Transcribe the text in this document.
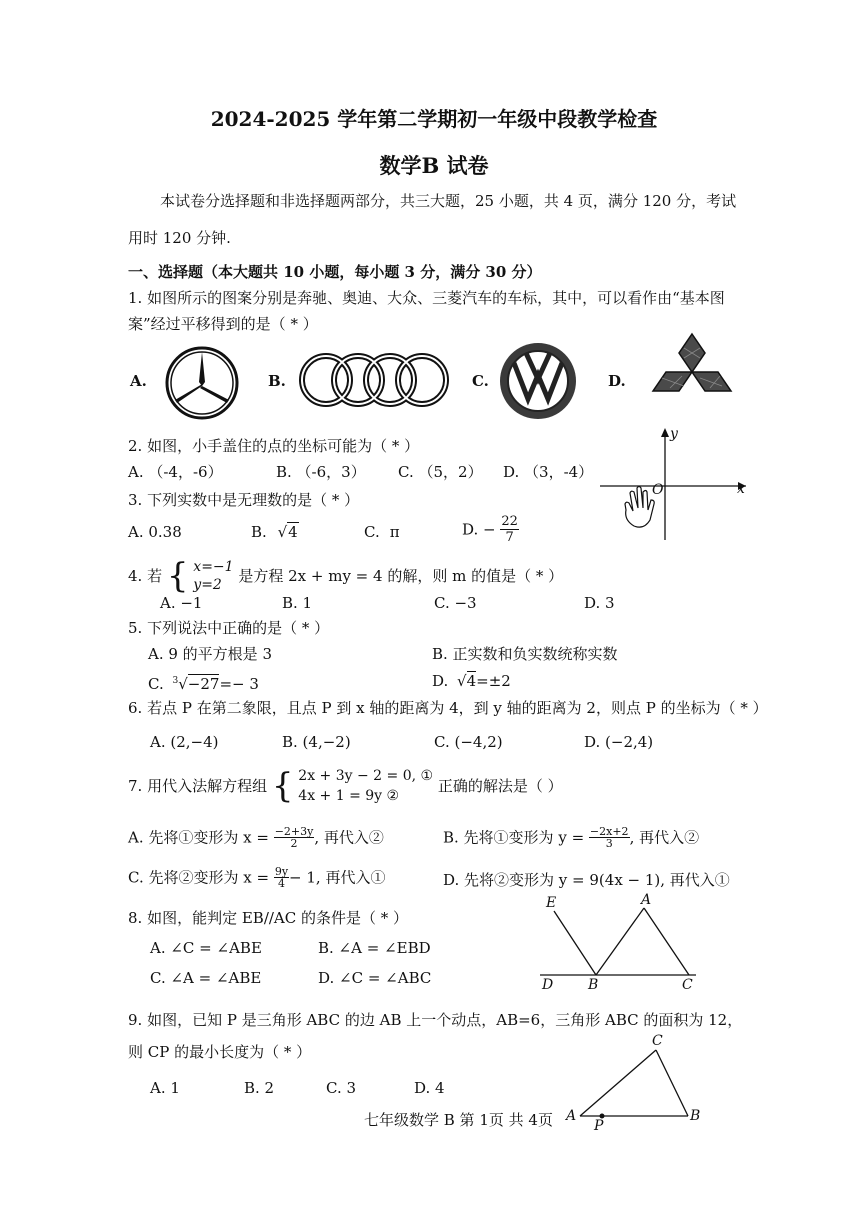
2024-2025 学年第二学期初一年级中段教学检查
数学B 试卷
本试卷分选择题和非选择题两部分，共三大题，25 小题，共 4 页，满分 120 分，考试
用时 120 分钟.
一、选择题（本大题共 10 小题，每小题 3 分，满分 30 分）
1. 如图所示的图案分别是奔驰、奥迪、大众、三菱汽车的车标，其中，可以看作由“基本图
案”经过平移得到的是（ * ）
A.	B.	C.	D.
2. 如图，小手盖住的点的坐标可能为（ * ）
A. （-4，-6）	B. （-6，3） C. （5，2） D. （3，-4）
y
x
O
3. 下列实数中是无理数的是（ * ）
A. 0.38	B. √4	C. π	D. − $\frac{22}{7}$
4. 若 { x=−1
y=2	是方程 2x + my = 4 的解，则 m 的值是（ * ）
A. −1	B. 1	C. −3	D. 3
5. 下列说法中正确的是（ * ）
A. 9 的平方根是 3	B. 正实数和负实数统称实数
C. $^3$√−27=− 3	D. √4=±2
6. 若点 P 在第二象限，且点 P 到 x 轴的距离为 4，到 y 轴的距离为 2，则点 P 的坐标为（ * ）
A. (2,−4)	B. (4,−2)	C. (−4,2)	D. (−2,4)
7. 用代入法解方程组 { 2x + 3y − 2 = 0, ①
4x + 1 = 9y ②
正确的解法是（ ）
A. 先将①变形为 $x = \frac{-2+3y}{2}$ , 再代入②	B. 先将①变形为 $y = \frac{-2x+2}{3}$ , 再代入②
C. 先将②变形为 $x = \frac{9y}{4} - 1$, 再代入①	D. 先将②变形为 y = 9(4x − 1), 再代入①
8. 如图，能判定 EB//AC 的条件是（ * ）
A. ∠C = ∠ABE	B. ∠A = ∠EBD
C. ∠A = ∠ABE	D. ∠C = ∠ABC
E	A
D B	C
9. 如图，已知 P 是三角形 ABC 的边 AB 上一个动点，AB=6，三角形 ABC 的面积为 12，
则 CP 的最小长度为（ * ）
A. 1	B. 2	C. 3	D. 4
C
A	B
P
七年级数学 B 第 1页 共 4页
